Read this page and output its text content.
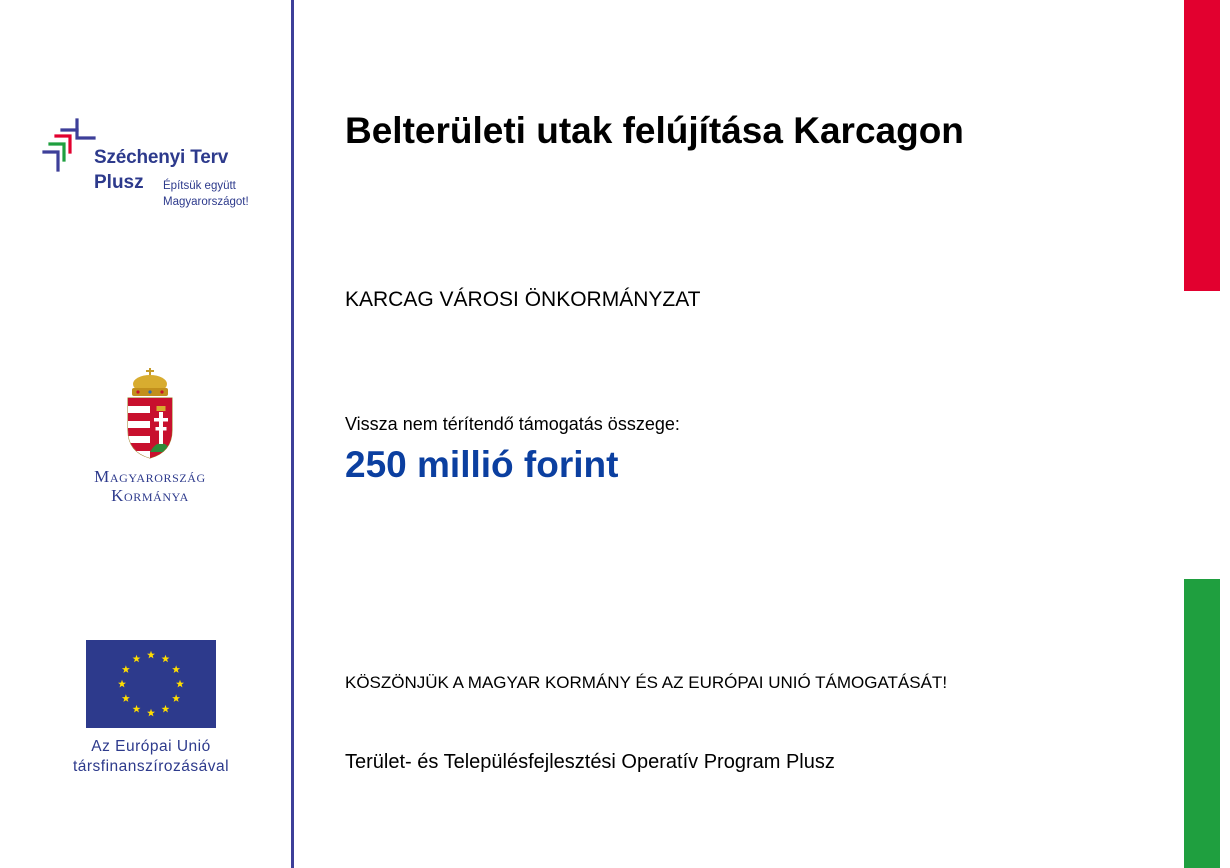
Széchenyi Terv
Plusz Építsük együtt
Magyarországot!
Magyarország
Kormánya
Az Európai Unió
társfinanszírozásával
Belterületi utak felújítása Karcagon
KARCAG VÁROSI ÖNKORMÁNYZAT
Vissza nem térítendő támogatás összege:
250 millió forint
KÖSZÖNJÜK A MAGYAR KORMÁNY ÉS AZ EURÓPAI UNIÓ TÁMOGATÁSÁT!
Terület- és Településfejlesztési Operatív Program Plusz
